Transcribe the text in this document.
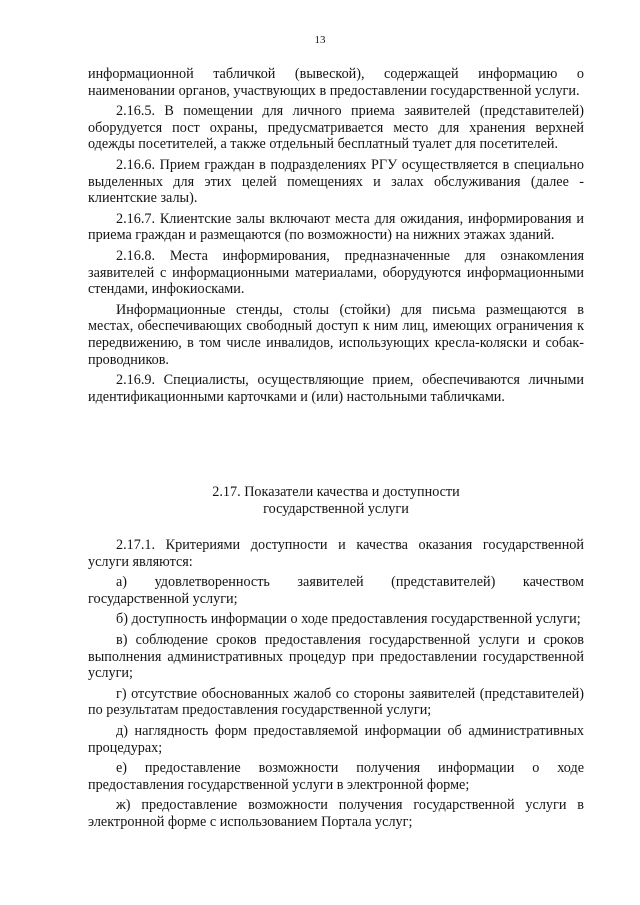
13

информационной табличкой (вывеской), содержащей информацию о наименовании органов, участвующих в предоставлении государственной услуги.

2.16.5. В помещении для личного приема заявителей (представителей) оборудуется пост охраны, предусматривается место для хранения верхней одежды посетителей, а также отдельный бесплатный туалет для посетителей.

2.16.6. Прием граждан в подразделениях РГУ осуществляется в специально выделенных для этих целей помещениях и залах обслуживания (далее - клиентские залы).

2.16.7. Клиентские залы включают места для ожидания, информирования и приема граждан и размещаются (по возможности) на нижних этажах зданий.

2.16.8. Места информирования, предназначенные для ознакомления заявителей с информационными материалами, оборудуются информационными стендами, инфокиосками.

Информационные стенды, столы (стойки) для письма размещаются в местах, обеспечивающих свободный доступ к ним лиц, имеющих ограничения к передвижению, в том числе инвалидов, использующих кресла-коляски и собак-проводников.

2.16.9. Специалисты, осуществляющие прием, обеспечиваются личными идентификационными карточками и (или) настольными табличками.

2.17. Показатели качества и доступности
государственной услуги

2.17.1. Критериями доступности и качества оказания государственной услуги являются:

а) удовлетворенность заявителей (представителей) качеством государственной услуги;

б) доступность информации о ходе предоставления государственной услуги;

в) соблюдение сроков предоставления государственной услуги и сроков выполнения административных процедур при предоставлении государственной услуги;

г) отсутствие обоснованных жалоб со стороны заявителей (представителей) по результатам предоставления государственной услуги;

д) наглядность форм предоставляемой информации об административных процедурах;

е) предоставление возможности получения информации о ходе предоставления государственной услуги в электронной форме;

ж) предоставление возможности получения государственной услуги в электронной форме с использованием Портала услуг;
